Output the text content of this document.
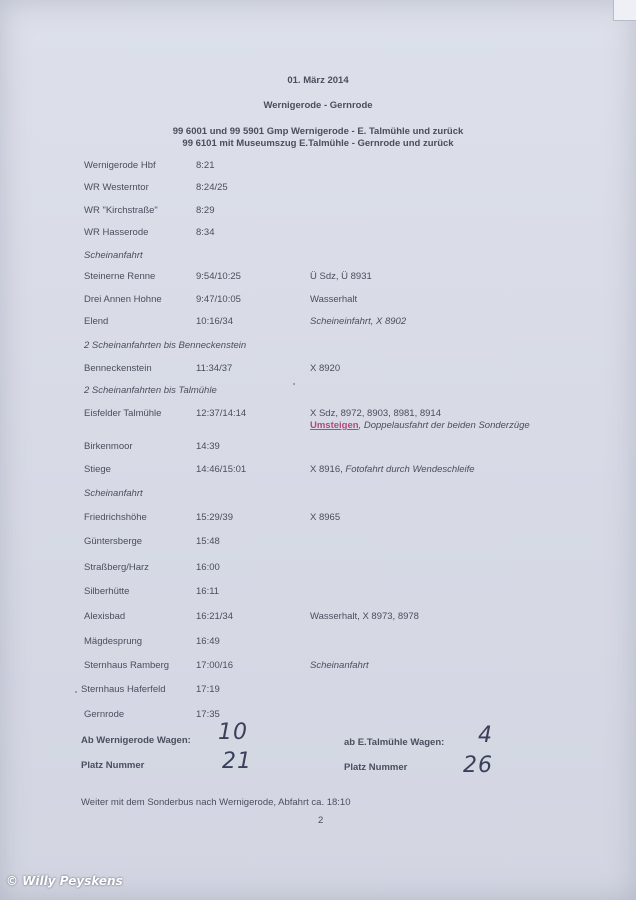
01. März 2014
Wernigerode - Gernrode
99 6001 und 99 5901 Gmp Wernigerode - E. Talmühle und zurück
99 6101 mit Museumszug E.Talmühle - Gernrode und zurück
Wernigerode Hbf	8:21
WR Westerntor	8:24/25
WR "Kirchstraße"	8:29
WR Hasserode	8:34
Scheinanfahrt
Steinerne Renne	9:54/10:25	Ü Sdz, Ü 8931
Drei Annen Hohne	9:47/10:05	Wasserhalt
Elend	10:16/34	Scheineinfahrt, X 8902
2 Scheinanfahrten bis Benneckenstein
Benneckenstein	11:34/37	X 8920
2 Scheinanfahrten bis Talmühle
Eisfelder Talmühle	12:37/14:14	X Sdz, 8972, 8903, 8981, 8914
Umsteigen, Doppelausfahrt der beiden Sonderzüge
Birkenmoor	14:39
Stiege	14:46/15:01	X 8916, Fotofahrt durch Wendeschleife
Scheinanfahrt
Friedrichshöhe	15:29/39	X 8965
Güntersberge	15:48
Straßberg/Harz	16:00
Silberhütte	16:11
Alexisbad	16:21/34	Wasserhalt, X 8973, 8978
Mägdesprung	16:49
Sternhaus Ramberg	17:00/16	Scheinanfahrt
Sternhaus Haferfeld	17:19
Gernrode	17:35
Ab Wernigerode Wagen: 10
Platz Nummer	21
ab E.Talmühle Wagen: 4
Platz Nummer	26
Weiter mit dem Sonderbus nach Wernigerode, Abfahrt ca. 18:10
2
© Willy Peyskens
